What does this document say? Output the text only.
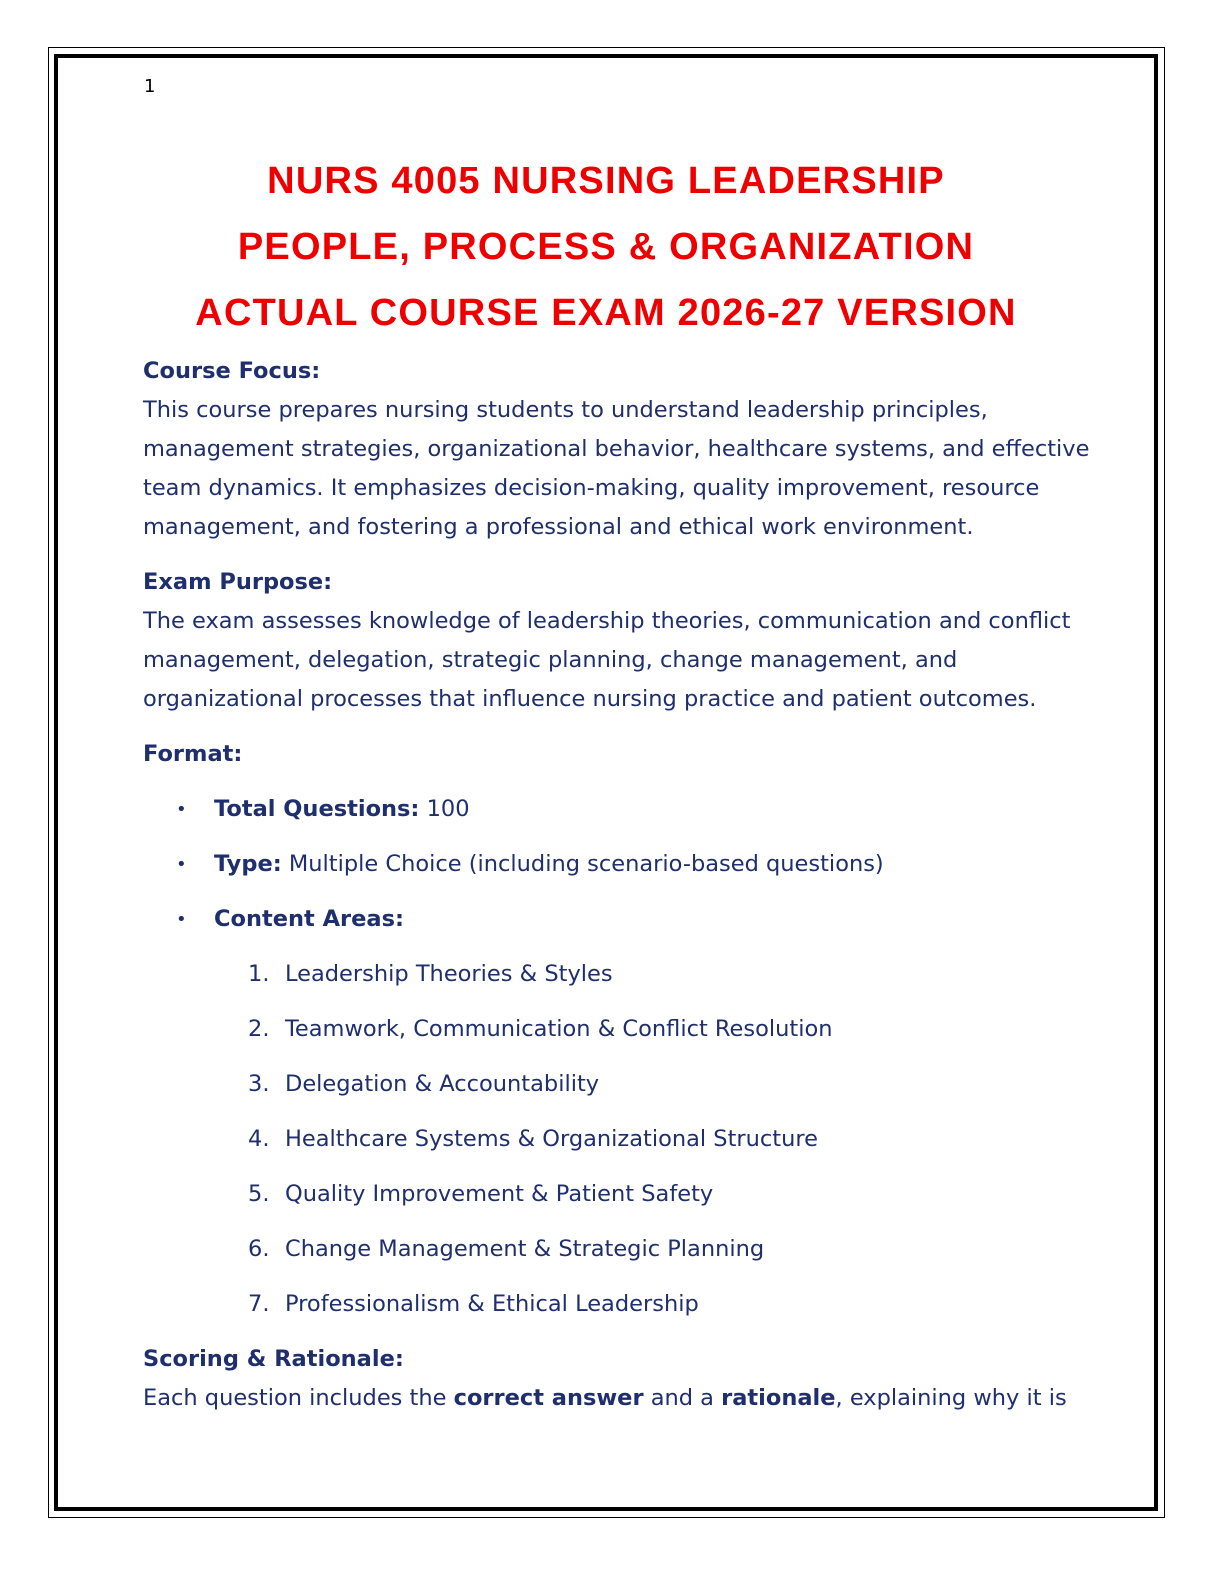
1
NURS 4005 NURSING LEADERSHIP
PEOPLE, PROCESS & ORGANIZATION
ACTUAL COURSE EXAM 2026-27 VERSION

Course Focus:

This course prepares nursing students to understand leadership principles, management strategies, organizational behavior, healthcare systems, and effective team dynamics. It emphasizes decision-making, quality improvement, resource management, and fostering a professional and ethical work environment.

Exam Purpose:

The exam assesses knowledge of leadership theories, communication and conflict management, delegation, strategic planning, change management, and organizational processes that influence nursing practice and patient outcomes.

Format:

• Total Questions: 100
• Type: Multiple Choice (including scenario-based questions)
• Content Areas:
1. Leadership Theories & Styles
2. Teamwork, Communication & Conflict Resolution
3. Delegation & Accountability
4. Healthcare Systems & Organizational Structure
5. Quality Improvement & Patient Safety
6. Change Management & Strategic Planning
7. Professionalism & Ethical Leadership

Scoring & Rationale:

Each question includes the correct answer and a rationale, explaining why it is
